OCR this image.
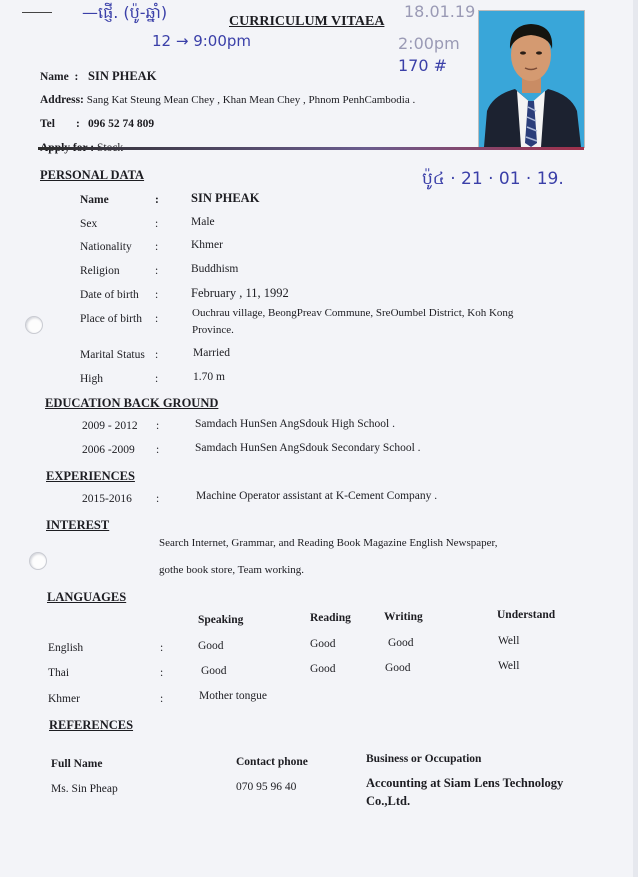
—ផ្ញើ. (ប៉ូ-ឆ្នាំ)
12 → 9:00pm
18.01.19
2:00pm
170 #
ប៉ូ៤ · 21 · 01 · 19.
CURRICULUM VITAEA
Name  : SIN PHEAK
Address: Sang Kat Steung Mean Chey , Khan Mean Chey , Phnom PenhCambodia .
Tel : 096 52 74 809
PERSONAL DATA
Name	:	SIN PHEAK
Sex	:	Male
Nationality :	Khmer
Religion	:	Buddhism
Date of birth :	February , 11, 1992
Place of birth :	Ouchrau village, BeongPreav Commune, SreOumbel District, Koh Kong
Province.
Marital Status :	Married
High	:	1.70 m
EDUCATION BACK GROUND
2009 - 2012 :	Samdach HunSen AngSdouk High School .
2006 -2009 :	Samdach HunSen AngSdouk Secondary School .
EXPERIENCES
2015-2016 :	Machine Operator assistant at K-Cement Company .
INTEREST
Search Internet, Grammar, and Reading Book Magazine English Newspaper,
gothe book store, Team working.
LANGUAGES
Speaking	Reading	Writing	Understand
English	:	Good	Good	Good	Well
Thai	:	Good	Good	Good	Well
Khmer	:	Mother tongue
REFERENCES
Full Name	Contact phone	Business or Occupation
Ms. Sin Pheap	070 95 96 40	Accounting at Siam Lens Technology
Co.,Ltd.
